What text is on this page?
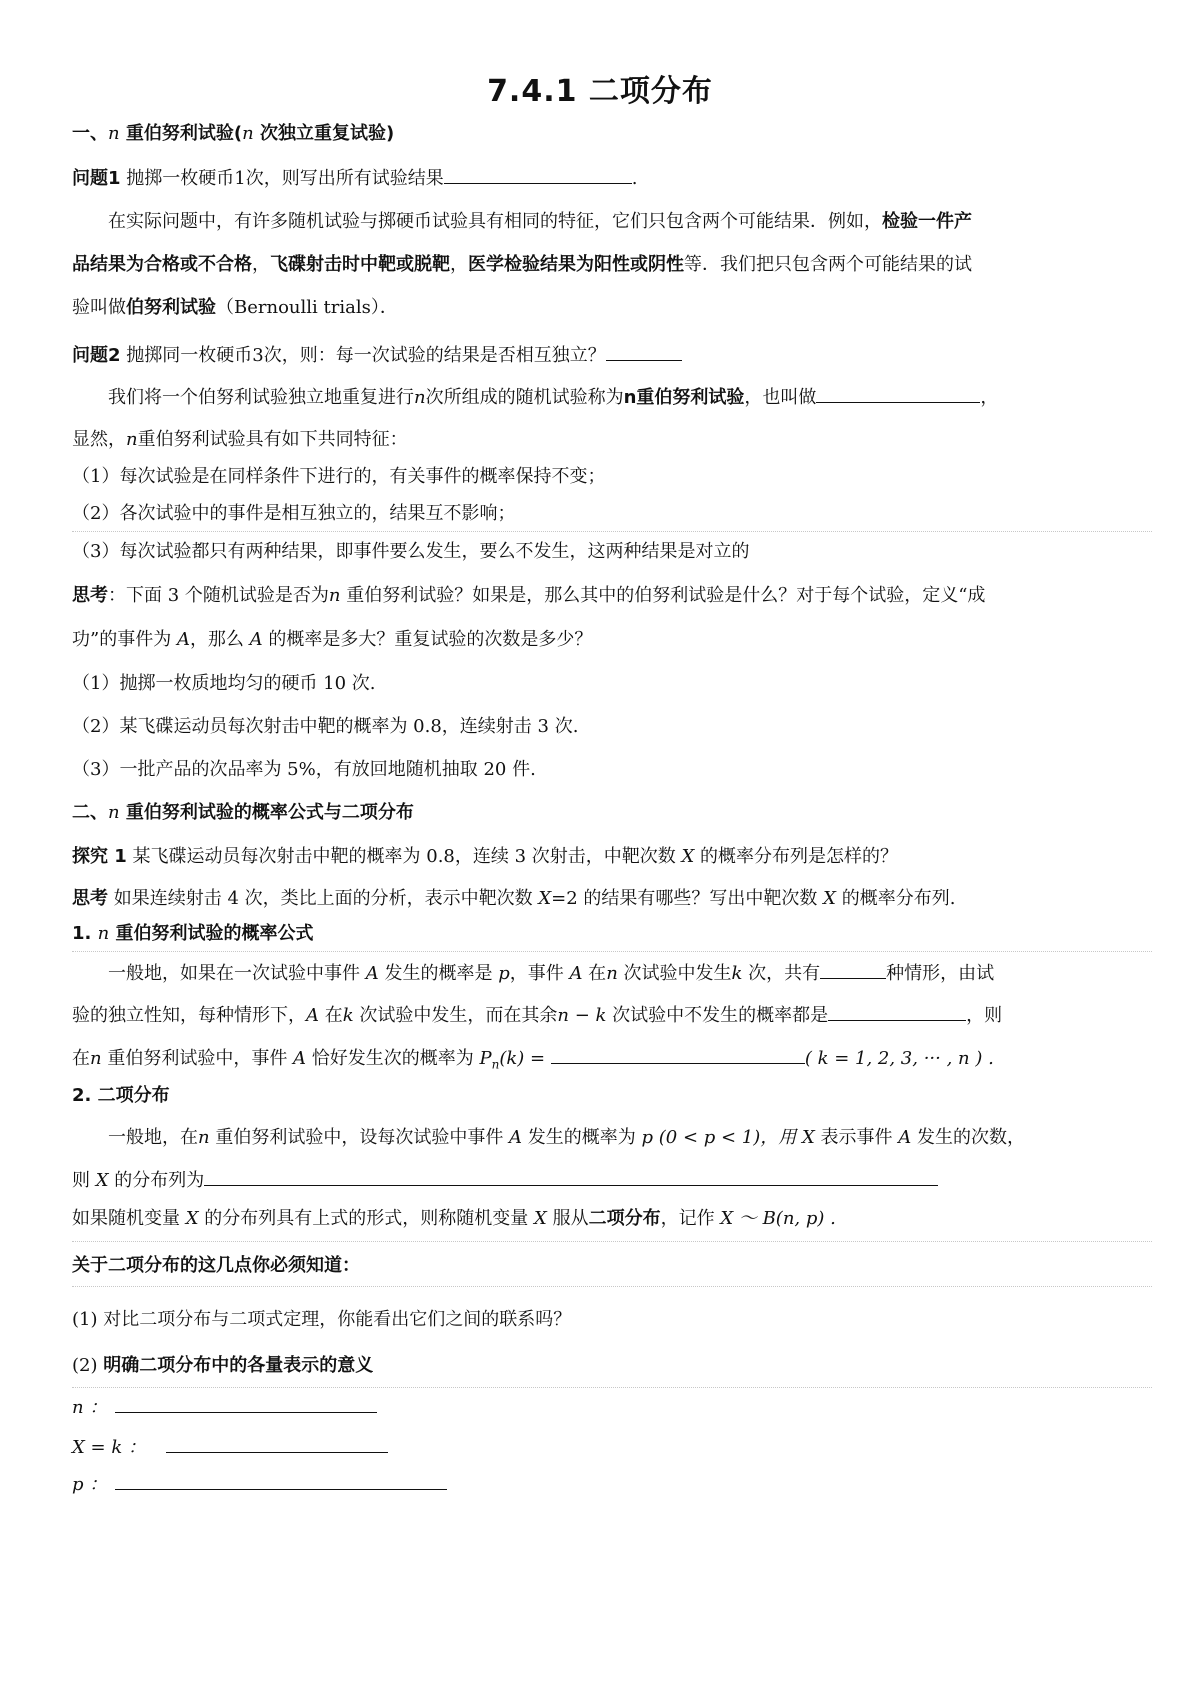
7.4.1 二项分布
一、n 重伯努利试验(n 次独立重复试验)
问题1 抛掷一枚硬币1次，则写出所有试验结果	.
在实际问题中，有许多随机试验与掷硬币试验具有相同的特征，它们只包含两个可能结果．例如，检验一件产
品结果为合格或不合格，飞碟射击时中靶或脱靶，医学检验结果为阳性或阴性等．我们把只包含两个可能结果的试
验叫做伯努利试验（Bernoulli trials）．
问题2 抛掷同一枚硬币3次，则：每一次试验的结果是否相互独立？
我们将一个伯努利试验独立地重复进行n次所组成的随机试验称为n重伯努利试验，也叫做	，
显然，n重伯努利试验具有如下共同特征：
（1）每次试验是在同样条件下进行的，有关事件的概率保持不变；
（2）各次试验中的事件是相互独立的，结果互不影响；
（3）每次试验都只有两种结果，即事件要么发生，要么不发生，这两种结果是对立的
思考：下面 3 个随机试验是否为n 重伯努利试验？如果是，那么其中的伯努利试验是什么？对于每个试验，定义“成
功”的事件为 A，那么 A 的概率是多大？重复试验的次数是多少？
（1）抛掷一枚质地均匀的硬币 10 次.
（2）某飞碟运动员每次射击中靶的概率为 0.8，连续射击 3 次.
（3）一批产品的次品率为 5%，有放回地随机抽取 20 件.
二、n 重伯努利试验的概率公式与二项分布
探究 1 某飞碟运动员每次射击中靶的概率为 0.8，连续 3 次射击，中靶次数 X 的概率分布列是怎样的？
思考 如果连续射击 4 次，类比上面的分析，表示中靶次数 X=2 的结果有哪些？写出中靶次数 X 的概率分布列.
1. n 重伯努利试验的概率公式
一般地，如果在一次试验中事件 A 发生的概率是 p，事件 A 在n 次试验中发生k 次，共有	种情形，由试
验的独立性知，每种情形下，A 在k 次试验中发生，而在其余n − k 次试验中不发生的概率都是	，则
在n 重伯努利试验中，事件 A 恰好发生次的概率为 $P_n(k)$ =	( k = 1, 2, 3, ··· , n ) .
2. 二项分布
一般地，在n 重伯努利试验中，设每次试验中事件 A 发生的概率为 p (0 < p < 1)，用 X 表示事件 A 发生的次数，
则 X 的分布列为
如果随机变量 X 的分布列具有上式的形式，则称随机变量 X 服从二项分布，记作 X ～ B(n, p) .
关于二项分布的这几点你必须知道：
(1) 对比二项分布与二项式定理，你能看出它们之间的联系吗？
(2) 明确二项分布中的各量表示的意义
n ：
X = k ：
p ：
